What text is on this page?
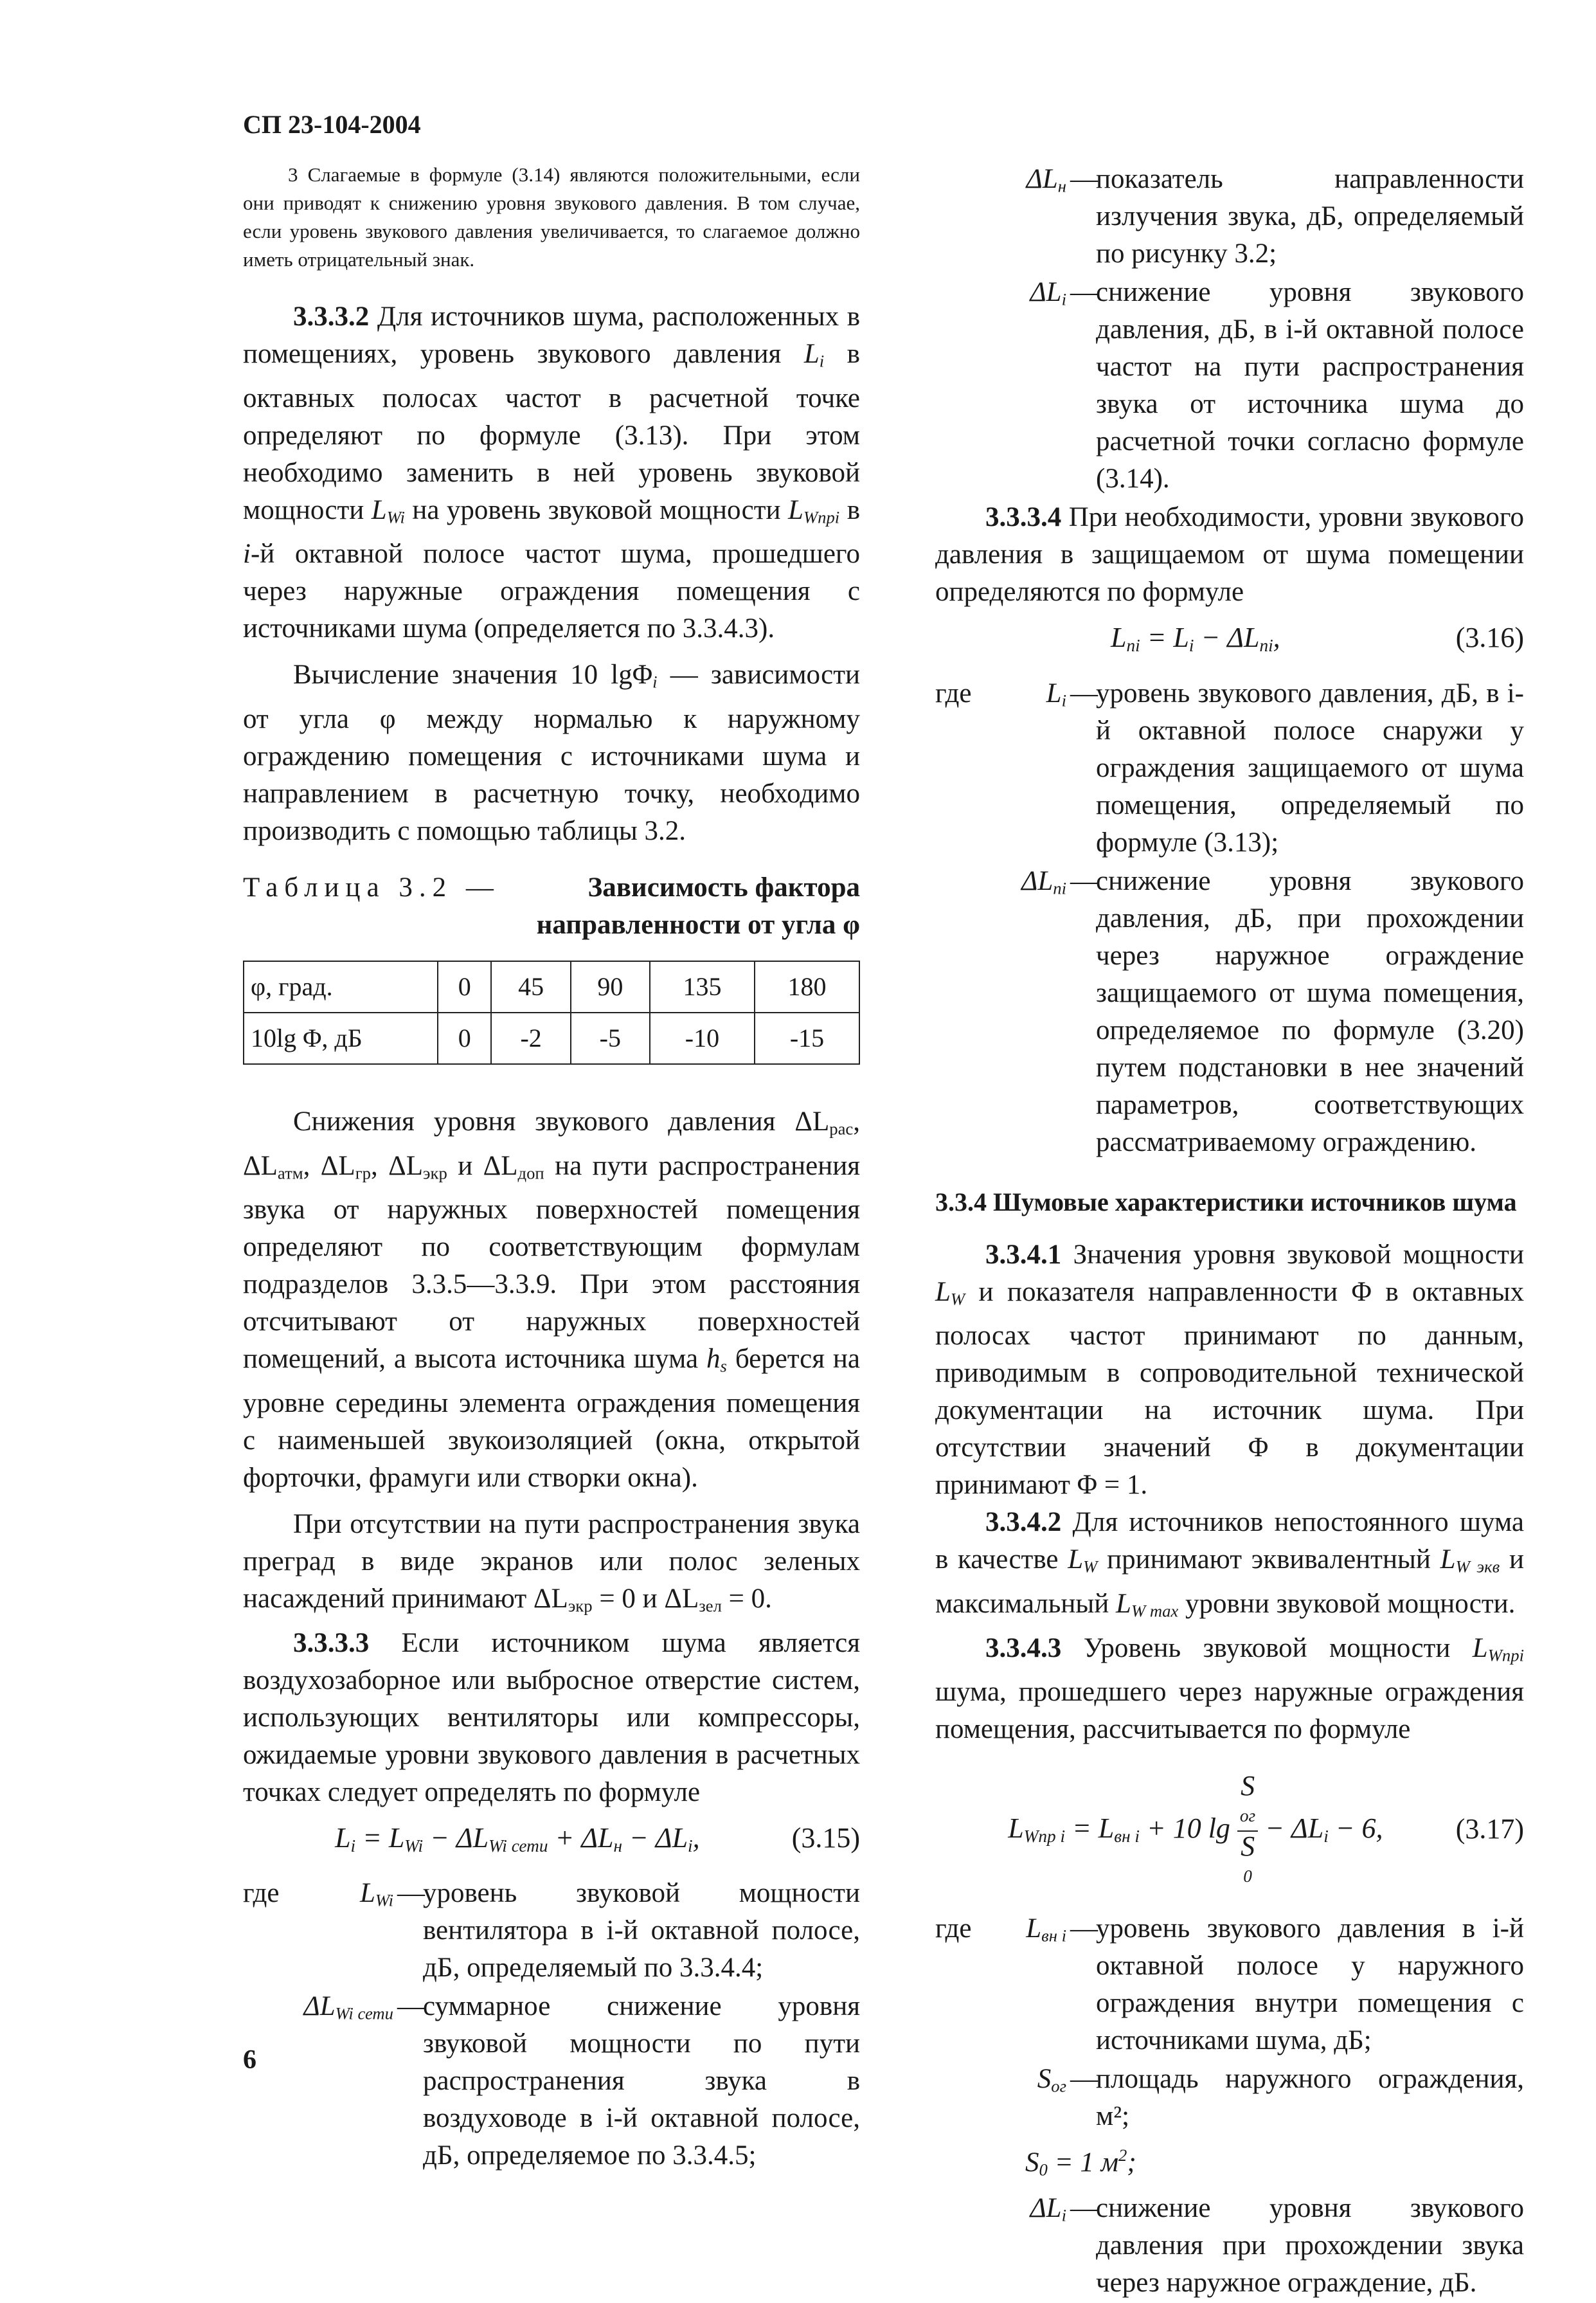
СП 23-104-2004

3 Слагаемые в формуле (3.14) являются положительными, если они приводят к снижению уровня звукового давления. В том случае, если уровень звукового давления увеличивается, то слагаемое должно иметь отрицательный знак.

3.3.3.2 Для источников шума, расположенных в помещениях, уровень звукового давления $L_i$ в октавных полосах частот в расчетной точке определяют по формуле (3.13). При этом необходимо заменить в ней уровень звуковой мощности $L_{Wi}$ на уровень звуковой мощности $L_{Wпрi}$ в i-й октавной полосе частот шума, прошедшего через наружные ограждения помещения с источниками шума (определяется по 3.3.4.3).

Вычисление значения 10 lgΦ$_i$ — зависимости от угла φ между нормалью к наружному ограждению помещения с источниками шума и направлением в расчетную точку, необходимо производить с помощью таблицы 3.2.

Таблица 3.2 —	Зависимость фактора
направленности от угла φ
φ, град.	0	45	90	135	180
10lg Φ, дБ	0	-2	-5	-10	-15

Снижения уровня звукового давления $\Delta L_{рас}$, $\Delta L_{атм}$, $\Delta L_{гр}$, $\Delta L_{экр}$ и $\Delta L_{доп}$ на пути распространения звука от наружных поверхностей помещения определяют по соответствующим формулам подразделов 3.3.5—3.3.9. При этом расстояния отсчитывают от наружных поверхностей помещений, а высота источника шума $h_s$ берется на уровне середины элемента ограждения помещения с наименьшей звукоизоляцией (окна, открытой форточки, фрамуги или створки окна).

При отсутствии на пути распространения звука преград в виде экранов или полос зеленых насаждений принимают $\Delta L_{экр} = 0$ и $\Delta L_{зел} = 0$.

3.3.3.3 Если источником шума является воздухозаборное или выбросное отверстие систем, использующих вентиляторы или компрессоры, ожидаемые уровни звукового давления в расчетных точках следует определять по формуле

$L_i = L_{Wi} - \Delta L_{Wi сети} + \Delta L_н - \Delta L_i$,	(3.15)
где	$L_{Wi}$ —
уровень звуковой мощности вентилятора в i-й октавной полосе, дБ, определяемый по 3.3.4.4;
$\Delta L_{Wi сети}$ —
суммарное снижение уровня звуковой мощности по пути распространения звука в воздуховоде в i-й октавной полосе, дБ, определяемое по 3.3.4.5;
$\Delta L_н$ —
показатель направленности излучения звука, дБ, определяемый по рисунку 3.2;
$\Delta L_i$ —
снижение уровня звукового давления, дБ, в i-й октавной полосе частот на пути распространения звука от источника шума до расчетной точки согласно формуле (3.14).

3.3.3.4 При необходимости, уровни звукового давления в защищаемом от шума помещении определяются по формуле

$L_{ni} = L_i - \Delta L_{ni}$,	(3.16)
где	$L_i$ —
уровень звукового давления, дБ, в i-й октавной полосе снаружи у ограждения защищаемого от шума помещения, определяемый по формуле (3.13);
$\Delta L_{ni}$ —
снижение уровня звукового давления, дБ, при прохождении через наружное ограждение защищаемого от шума помещения, определяемое по формуле (3.20) путем подстановки в нее значений параметров, соответствующих рассматриваемому ограждению.
3.3.4 Шумовые характеристики источников шума

3.3.4.1 Значения уровня звуковой мощности $L_W$ и показателя направленности Φ в октавных полосах частот принимают по данным, приводимым в сопроводительной технической документации на источник шума. При отсутствии значений Φ в документации принимают Φ = 1.

3.3.4.2 Для источников непостоянного шума в качестве $L_W$ принимают эквивалентный $L_{W экв}$ и максимальный $L_{W max}$ уровни звуковой мощности.

3.3.4.3 Уровень звуковой мощности $L_{Wпрi}$ шума, прошедшего через наружные ограждения помещения, рассчитывается по формуле

$L_{Wпр i} = L_{вн i} + 10$ lg S
ог
S
$0 - \Delta L_i - 6$,	(3.17)
где	$L_{вн i}$ —
уровень звукового давления в i-й октавной полосе у наружного ограждения внутри помещения с источниками шума, дБ;
$S_{ог}$ —
площадь наружного ограждения, м²;
$S_0 = 1$ $м^2$;
$\Delta L_i$ —
снижение уровня звукового давления при прохождении звука через наружное ограждение, дБ.
6
